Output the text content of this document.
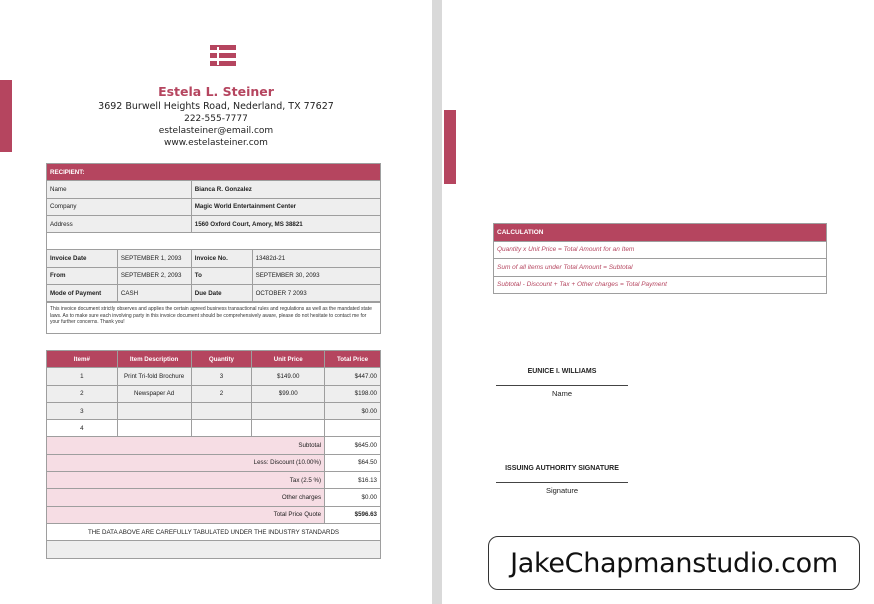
Estela L. Steiner
3692 Burwell Heights Road, Nederland, TX 77627
222-555-7777
estelasteiner@email.com
www.estelasteiner.com
RECIPIENT:			
Name		Bianca R. Gonzalez	
Company		Magic World Entertainment Center	
Address		1560 Oxford Court, Amory, MS 38821	

Invoice Date	SEPTEMBER 1, 2093	Invoice No.	13482d-21
From	SEPTEMBER 2, 2093	To	SEPTEMBER 30, 2093
Mode of Payment	CASH	Due Date	OCTOBER 7 2093
This invoice document strictly observes and applies the certain agreed business transactional rules and regulations as well as the mandated state laws. As to make sure each involving party in this invoice document should be comprehensively aware, please do not hesitate to contact me for your further concerns. Thank you!
Item#	Item Description	Quantity	Unit Price	Total Price
1	Print Tri-fold Brochure	3	$149.00	$447.00
2	Newspaper Ad	2	$99.00	$198.00
3				$0.00
4				
Subtotal				$645.00
Less: Discount (10.00%)				$64.50
Tax (2.5 %)				$16.13
Other charges				$0.00
Total Price Quote				$596.63
THE DATA ABOVE ARE CAREFULLY TABULATED UNDER THE INDUSTRY STANDARDS				

CALCULATION
Quantity x Unit Price = Total Amount for an Item
Sum of all items under Total Amount = Subtotal
Subtotal - Discount + Tax + Other charges = Total Payment
EUNICE I. WILLIAMS
Name
ISSUING AUTHORITY SIGNATURE
Signature
JakeChapmanstudio.com
